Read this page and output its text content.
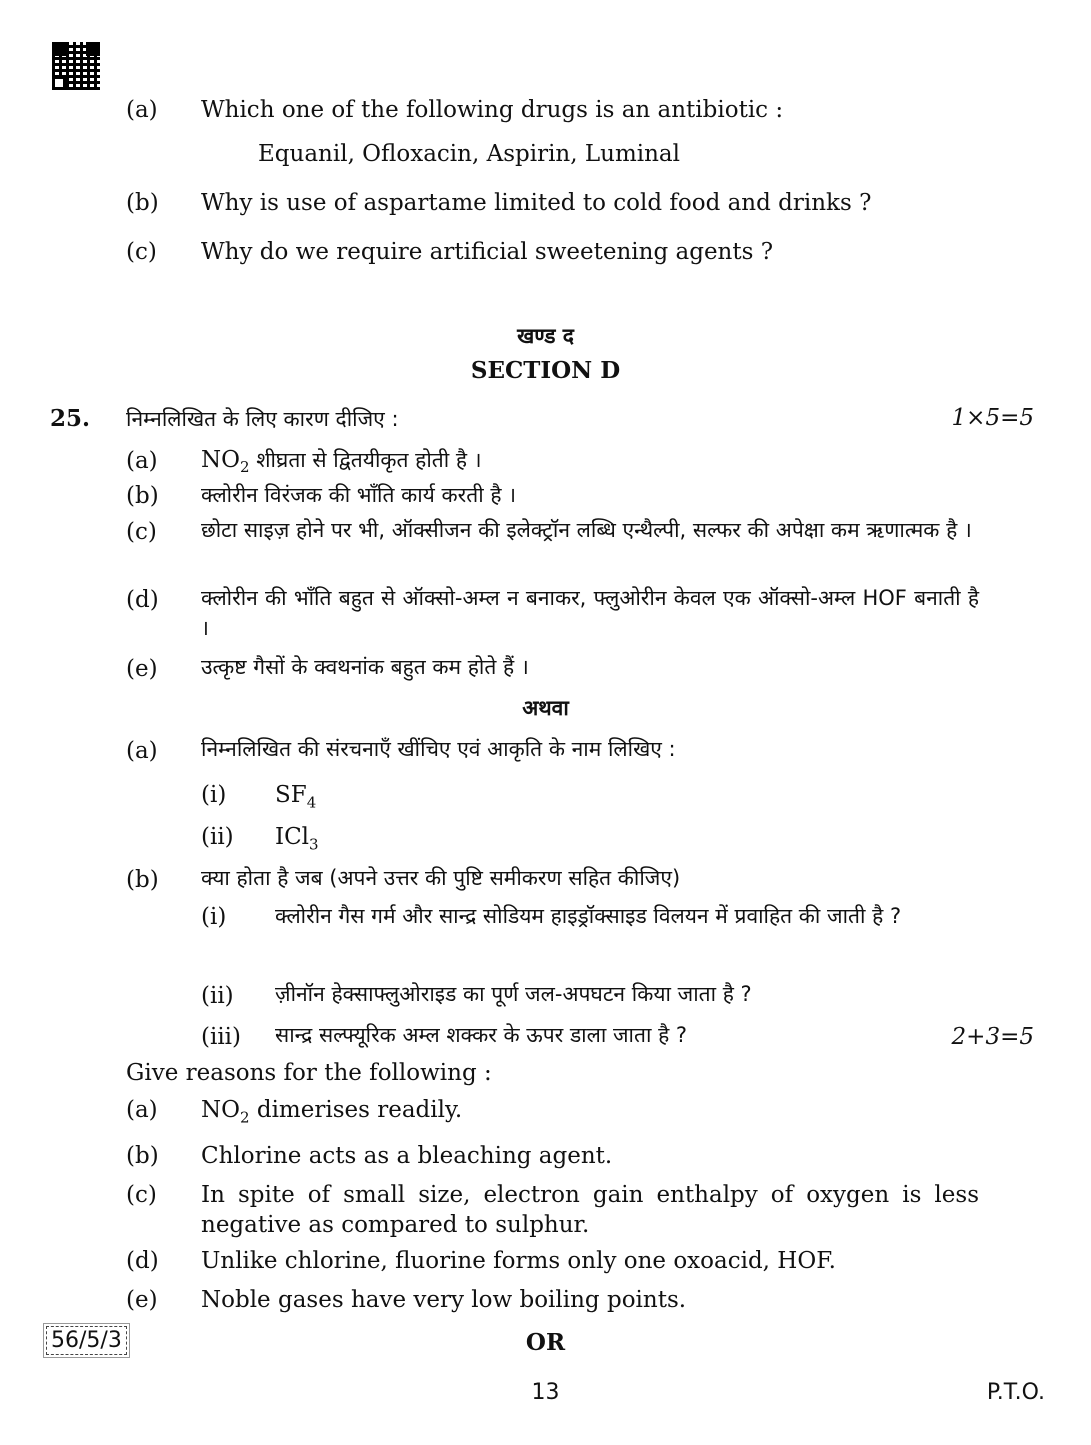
(a) Which one of the following drugs is an antibiotic :
Equanil, Ofloxacin, Aspirin, Luminal
(b) Why is use of aspartame limited to cold food and drinks ?
(c) Why do we require artificial sweetening agents ?
खण्ड द
SECTION D
25. निम्नलिखित के लिए कारण दीजिए :	1×5=5
(a) $NO_2$ शीघ्रता से द्वितयीकृत होती है ।
(b) क्लोरीन विरंजक की भाँति कार्य करती है ।
(c) छोटा साइज़ होने पर भी, ऑक्सीजन की इलेक्ट्रॉन लब्धि एन्थैल्पी, सल्फर की अपेक्षा कम ऋणात्मक है ।
(d) क्लोरीन की भाँति बहुत से ऑक्सो-अम्ल न बनाकर, फ्लुओरीन केवल एक ऑक्सो-अम्ल HOF बनाती है ।
(e) उत्कृष्ट गैसों के क्वथनांक बहुत कम होते हैं ।
अथवा
(a) निम्नलिखित की संरचनाएँ खींचिए एवं आकृति के नाम लिखिए :
(i) $SF_4$
(ii) ICl$_3$
(b) क्या होता है जब (अपने उत्तर की पुष्टि समीकरण सहित कीजिए)
(i) क्लोरीन गैस गर्म और सान्द्र सोडियम हाइड्रॉक्साइड विलयन में प्रवाहित की जाती है ?
(ii) ज़ीनॉन हेक्साफ्लुओराइड का पूर्ण जल-अपघटन किया जाता है ?
(iii) सान्द्र सल्फ्यूरिक अम्ल शक्कर के ऊपर डाला जाता है ?	2+3=5
Give reasons for the following :
(a) $NO_2$ dimerises readily.
(b) Chlorine acts as a bleaching agent.
(c) In spite of small size, electron gain enthalpy of oxygen is less negative as compared to sulphur.
(d) Unlike chlorine, fluorine forms only one oxoacid, HOF.
(e) Noble gases have very low boiling points.
OR
56/5/3
13	P.T.O.
